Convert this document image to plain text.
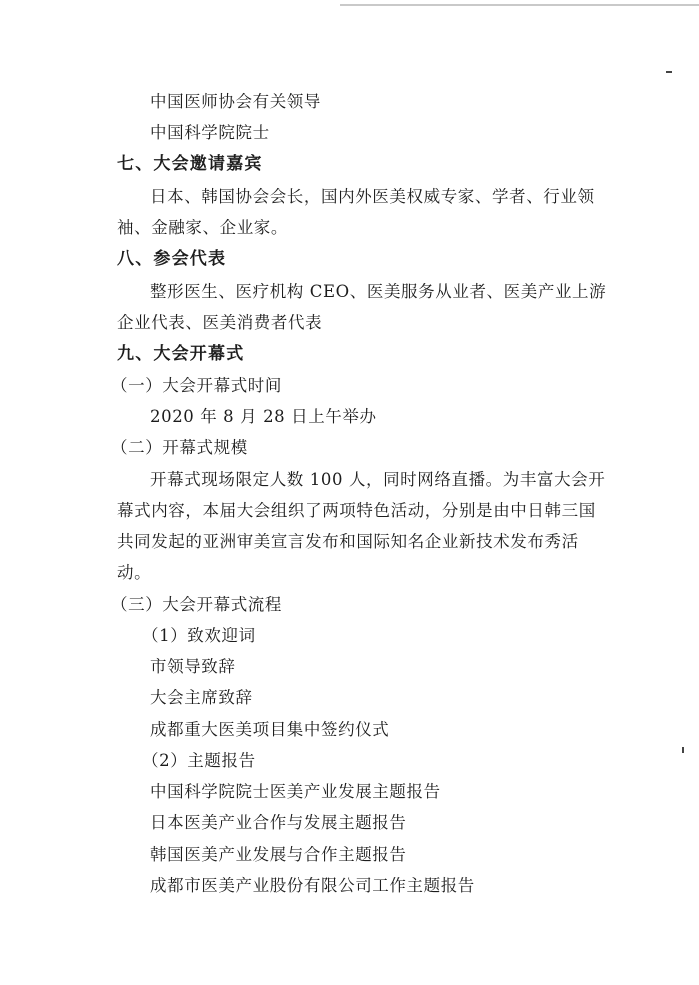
中国医师协会有关领导
中国科学院院士
七、大会邀请嘉宾
日本、韩国协会会长，国内外医美权威专家、学者、行业领
袖、金融家、企业家。
八、参会代表
整形医生、医疗机构 CEO、医美服务从业者、医美产业上游
企业代表、医美消费者代表
九、大会开幕式
（一）大会开幕式时间
2020 年 8 月 28 日上午举办
（二）开幕式规模
开幕式现场限定人数 100 人，同时网络直播。为丰富大会开
幕式内容，本届大会组织了两项特色活动，分别是由中日韩三国
共同发起的亚洲审美宣言发布和国际知名企业新技术发布秀活
动。
（三）大会开幕式流程
（1）致欢迎词
市领导致辞
大会主席致辞
成都重大医美项目集中签约仪式
（2）主题报告
中国科学院院士医美产业发展主题报告
日本医美产业合作与发展主题报告
韩国医美产业发展与合作主题报告
成都市医美产业股份有限公司工作主题报告
